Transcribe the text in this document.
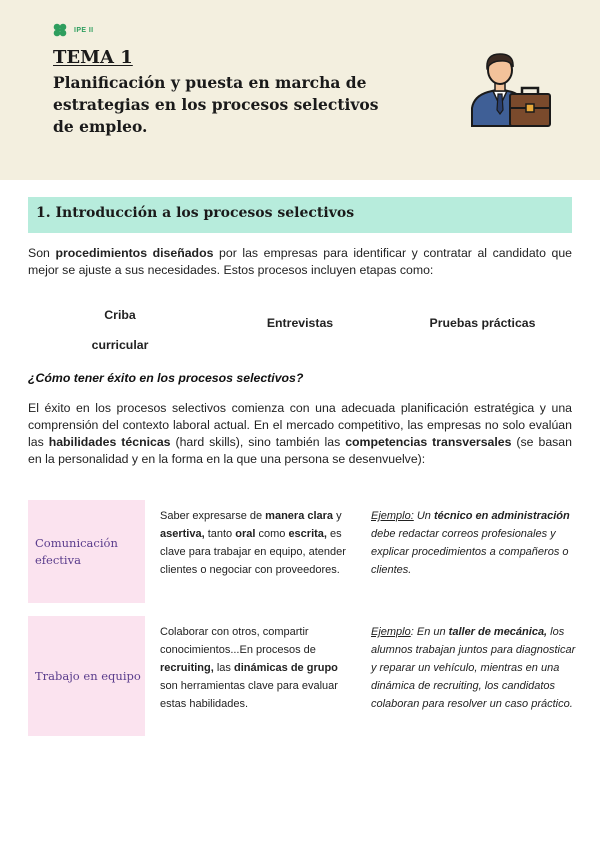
IPE II
TEMA 1
Planificación y puesta en marcha de estrategias en los procesos selectivos de empleo.
1. Introducción a los procesos selectivos

Son procedimientos diseñados por las empresas para identificar y contratar al candidato que mejor se ajuste a sus necesidades. Estos procesos incluyen etapas como:

Criba
curricular
Entrevistas	Pruebas prácticas
¿Cómo tener éxito en los procesos selectivos?

El éxito en los procesos selectivos comienza con una adecuada planificación estratégica y una comprensión del contexto laboral actual. En el mercado competitivo, las empresas no solo evalúan las habilidades técnicas (hard skills), sino también las competencias transversales (se basan en la personalidad y en la forma en la que una persona se desenvuelve):

Comunicación efectiva
Saber expresarse de manera clara y asertiva, tanto oral como escrita, es clave para trabajar en equipo, atender clientes o negociar con proveedores.
Ejemplo: Un técnico en administración debe redactar correos profesionales y explicar procedimientos a compañeros o clientes.
Trabajo en equipo
Colaborar con otros, compartir conocimientos...En procesos de recruiting, las dinámicas de grupo son herramientas clave para evaluar estas habilidades.
Ejemplo: En un taller de mecánica, los alumnos trabajan juntos para diagnosticar y reparar un vehículo, mientras en una dinámica de recruiting, los candidatos colaboran para resolver un caso práctico.
